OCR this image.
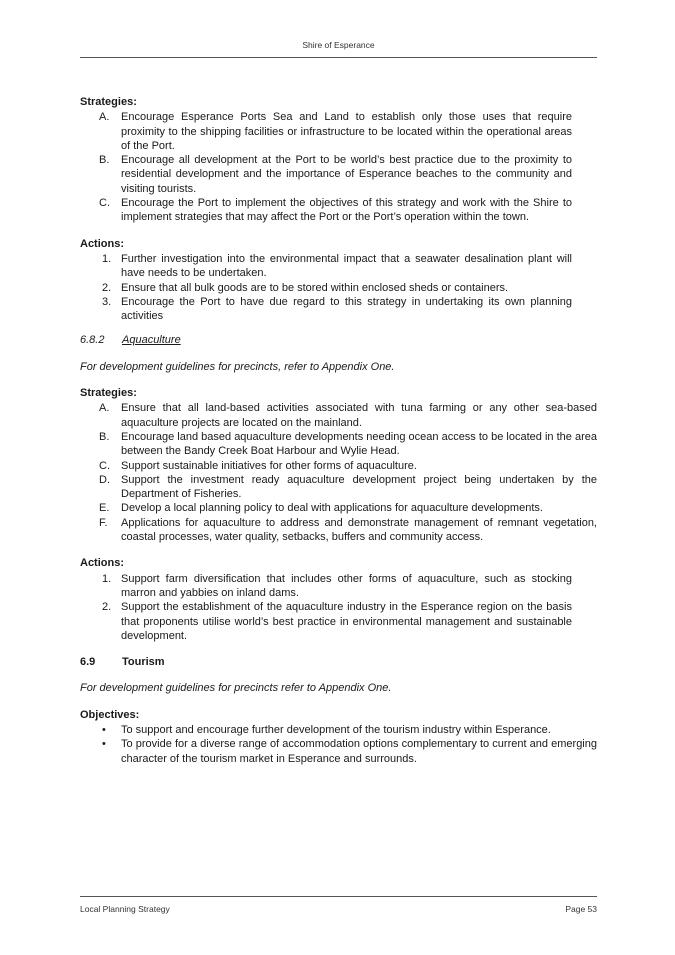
Shire of Esperance
Strategies:
A.	Encourage Esperance Ports Sea and Land to establish only those uses that require proximity to the shipping facilities or infrastructure to be located within the operational areas of the Port.
B.	Encourage all development at the Port to be world’s best practice due to the proximity to residential development and the importance of Esperance beaches to the community and visiting tourists.
C.	Encourage the Port to implement the objectives of this strategy and work with the Shire to implement strategies that may affect the Port or the Port’s operation within the town.
Actions:
1. Further investigation into the environmental impact that a seawater desalination plant will have needs to be undertaken.
2. Ensure that all bulk goods are to be stored within enclosed sheds or containers.
3. Encourage the Port to have due regard to this strategy in undertaking its own planning activities
6.8.2 Aquaculture
For development guidelines for precincts, refer to Appendix One.
Strategies:
A.	Ensure that all land-based activities associated with tuna farming or any other sea-based aquaculture projects are located on the mainland.
B.	Encourage land based aquaculture developments needing ocean access to be located in the area between the Bandy Creek Boat Harbour and Wylie Head.
C.	Support sustainable initiatives for other forms of aquaculture.
D.	Support the investment ready aquaculture development project being undertaken by the Department of Fisheries.
E.	Develop a local planning policy to deal with applications for aquaculture developments.
F.	Applications for aquaculture to address and demonstrate management of remnant vegetation, coastal processes, water quality, setbacks, buffers and community access.
Actions:
1. Support farm diversification that includes other forms of aquaculture, such as stocking marron and yabbies on inland dams.
2. Support the establishment of the aquaculture industry in the Esperance region on the basis that proponents utilise world’s best practice in environmental management and sustainable development.
6.9 Tourism
For development guidelines for precincts refer to Appendix One.
Objectives:
•	To support and encourage further development of the tourism industry within Esperance.
•	To provide for a diverse range of accommodation options complementary to current and emerging character of the tourism market in Esperance and surrounds.
Local Planning Strategy	Page 53
